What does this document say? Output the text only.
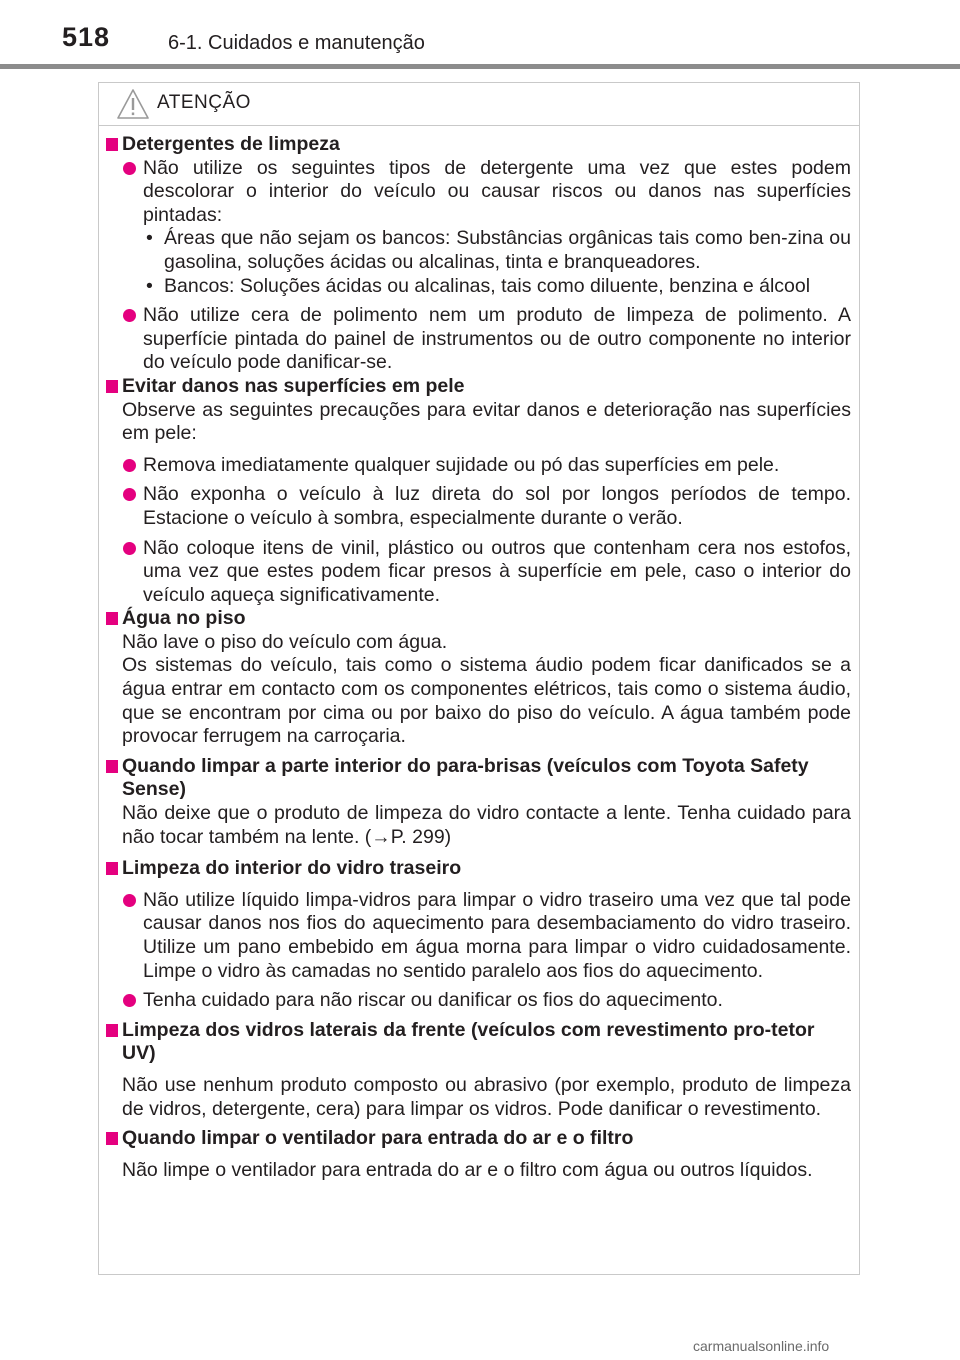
518	6-1. Cuidados e manutenção
ATENÇÃO
Detergentes de limpeza
Não utilize os seguintes tipos de detergente uma vez que estes podem descolorar o interior do veículo ou causar riscos ou danos nas superfícies pintadas:
• Áreas que não sejam os bancos: Substâncias orgânicas tais como ben-zina ou gasolina, soluções ácidas ou alcalinas, tinta e branqueadores.
• Bancos: Soluções ácidas ou alcalinas, tais como diluente, benzina e álcool
Não utilize cera de polimento nem um produto de limpeza de polimento. A superfície pintada do painel de instrumentos ou de outro componente no interior do veículo pode danificar-se.
Evitar danos nas superfícies em pele
Observe as seguintes precauções para evitar danos e deterioração nas superfícies em pele:
Remova imediatamente qualquer sujidade ou pó das superfícies em pele.
Não exponha o veículo à luz direta do sol por longos períodos de tempo. Estacione o veículo à sombra, especialmente durante o verão.
Não coloque itens de vinil, plástico ou outros que contenham cera nos estofos, uma vez que estes podem ficar presos à superfície em pele, caso o interior do veículo aqueça significativamente.
Água no piso
Não lave o piso do veículo com água.
Os sistemas do veículo, tais como o sistema áudio podem ficar danificados se a água entrar em contacto com os componentes elétricos, tais como o sistema áudio, que se encontram por cima ou por baixo do piso do veículo. A água também pode provocar ferrugem na carroçaria.
Quando limpar a parte interior do para-brisas (veículos com Toyota Safety Sense)
Não deixe que o produto de limpeza do vidro contacte a lente. Tenha cuidado para não tocar também na lente. (→P. 299)
Limpeza do interior do vidro traseiro
Não utilize líquido limpa-vidros para limpar o vidro traseiro uma vez que tal pode causar danos nos fios do aquecimento para desembaciamento do vidro traseiro. Utilize um pano embebido em água morna para limpar o vidro cuidadosamente. Limpe o vidro às camadas no sentido paralelo aos fios do aquecimento.
Tenha cuidado para não riscar ou danificar os fios do aquecimento.
Limpeza dos vidros laterais da frente (veículos com revestimento pro-tetor UV)
Não use nenhum produto composto ou abrasivo (por exemplo, produto de limpeza de vidros, detergente, cera) para limpar os vidros. Pode danificar o revestimento.
Quando limpar o ventilador para entrada do ar e o filtro
Não limpe o ventilador para entrada do ar e o filtro com água ou outros líquidos.
carmanualsonline.info
